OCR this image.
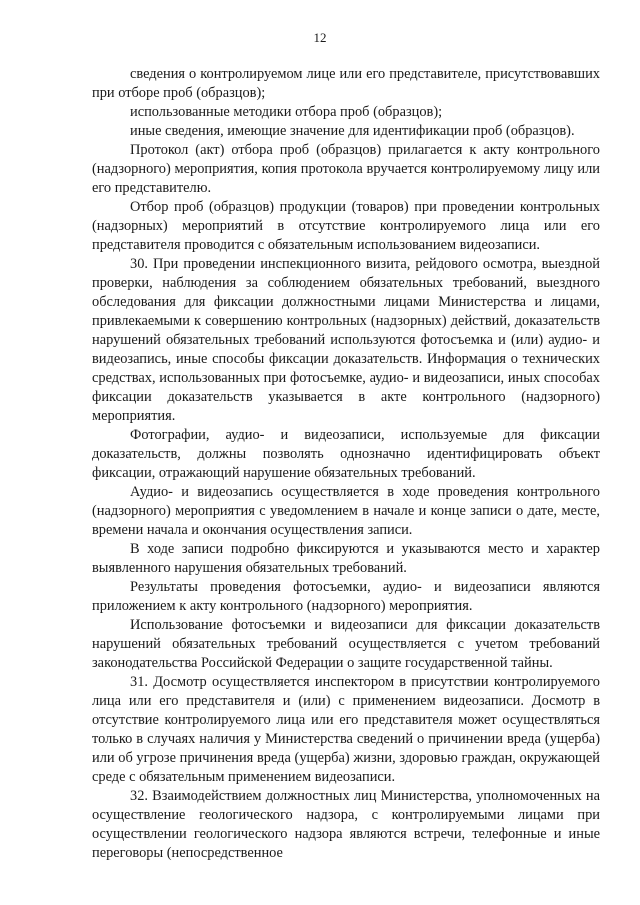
12

сведения о контролируемом лице или его представителе, присутствовавших при отборе проб (образцов);

использованные методики отбора проб (образцов);

иные сведения, имеющие значение для идентификации проб (образцов).

Протокол (акт) отбора проб (образцов) прилагается к акту контрольного (надзорного) мероприятия, копия протокола вручается контролируемому лицу или его представителю.

Отбор проб (образцов) продукции (товаров) при проведении контрольных (надзорных) мероприятий в отсутствие контролируемого лица или его представителя проводится с обязательным использованием видеозаписи.

30. При проведении инспекционного визита, рейдового осмотра, выездной проверки, наблюдения за соблюдением обязательных требований, выездного обследования для фиксации должностными лицами Министерства и лицами, привлекаемыми к совершению контрольных (надзорных) действий, доказательств нарушений обязательных требований используются фотосъемка и (или) аудио- и видеозапись, иные способы фиксации доказательств. Информация о технических средствах, использованных при фотосъемке, аудио- и видеозаписи, иных способах фиксации доказательств указывается в акте контрольного (надзорного) мероприятия.

Фотографии, аудио- и видеозаписи, используемые для фиксации доказательств, должны позволять однозначно идентифицировать объект фиксации, отражающий нарушение обязательных требований.

Аудио- и видеозапись осуществляется в ходе проведения контрольного (надзорного) мероприятия с уведомлением в начале и конце записи о дате, месте, времени начала и окончания осуществления записи.

В ходе записи подробно фиксируются и указываются место и характер выявленного нарушения обязательных требований.

Результаты проведения фотосъемки, аудио- и видеозаписи являются приложением к акту контрольного (надзорного) мероприятия.

Использование фотосъемки и видеозаписи для фиксации доказательств нарушений обязательных требований осуществляется с учетом требований законодательства Российской Федерации о защите государственной тайны.

31. Досмотр осуществляется инспектором в присутствии контролируемого лица или его представителя и (или) с применением видеозаписи. Досмотр в отсутствие контролируемого лица или его представителя может осуществляться только в случаях наличия у Министерства сведений о причинении вреда (ущерба) или об угрозе причинения вреда (ущерба) жизни, здоровью граждан, окружающей среде с обязательным применением видеозаписи.

32. Взаимодействием должностных лиц Министерства, уполномоченных на осуществление геологического надзора, с контролируемыми лицами при осуществлении геологического надзора являются встречи, телефонные и иные переговоры (непосредственное
